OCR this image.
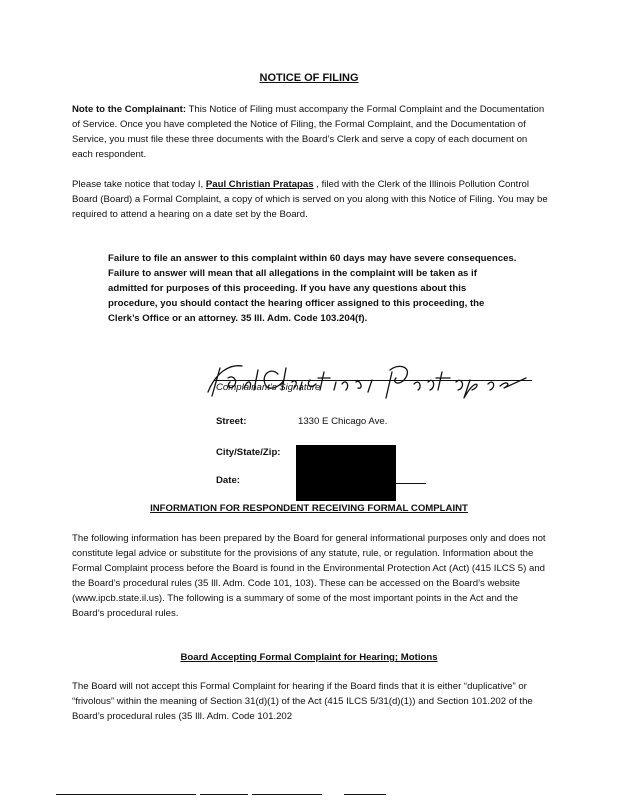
NOTICE OF FILING
Note to the Complainant: This Notice of Filing must accompany the Formal Complaint and the Documentation of Service. Once you have completed the Notice of Filing, the Formal Complaint, and the Documentation of Service, you must file these three documents with the Board’s Clerk and serve a copy of each document on each respondent.
Please take notice that today I, Paul Christian Pratapas , filed with the Clerk of the Illinois Pollution Control Board (Board) a Formal Complaint, a copy of which is served on you along with this Notice of Filing. You may be required to attend a hearing on a date set by the Board.
Failure to file an answer to this complaint within 60 days may have severe consequences. Failure to answer will mean that all allegations in the complaint will be taken as if admitted for purposes of this proceeding. If you have any questions about this procedure, you should contact the hearing officer assigned to this proceeding, the Clerk’s Office or an attorney. 35 Ill. Adm. Code 103.204(f).
Complainant’s Signature
Street:	1330 E Chicago Ave.
City/State/Zip:
Date:
INFORMATION FOR RESPONDENT RECEIVING FORMAL COMPLAINT
The following information has been prepared by the Board for general informational purposes only and does not constitute legal advice or substitute for the provisions of any statute, rule, or regulation. Information about the Formal Complaint process before the Board is found in the Environmental Protection Act (Act) (415 ILCS 5) and the Board’s procedural rules (35 Ill. Adm. Code 101, 103). These can be accessed on the Board’s website (www.ipcb.state.il.us). The following is a summary of some of the most important points in the Act and the Board’s procedural rules.
Board Accepting Formal Complaint for Hearing; Motions
The Board will not accept this Formal Complaint for hearing if the Board finds that it is either “duplicative” or “frivolous” within the meaning of Section 31(d)(1) of the Act (415 ILCS 5/31(d)(1)) and Section 101.202 of the Board’s procedural rules (35 Ill. Adm. Code 101.202
